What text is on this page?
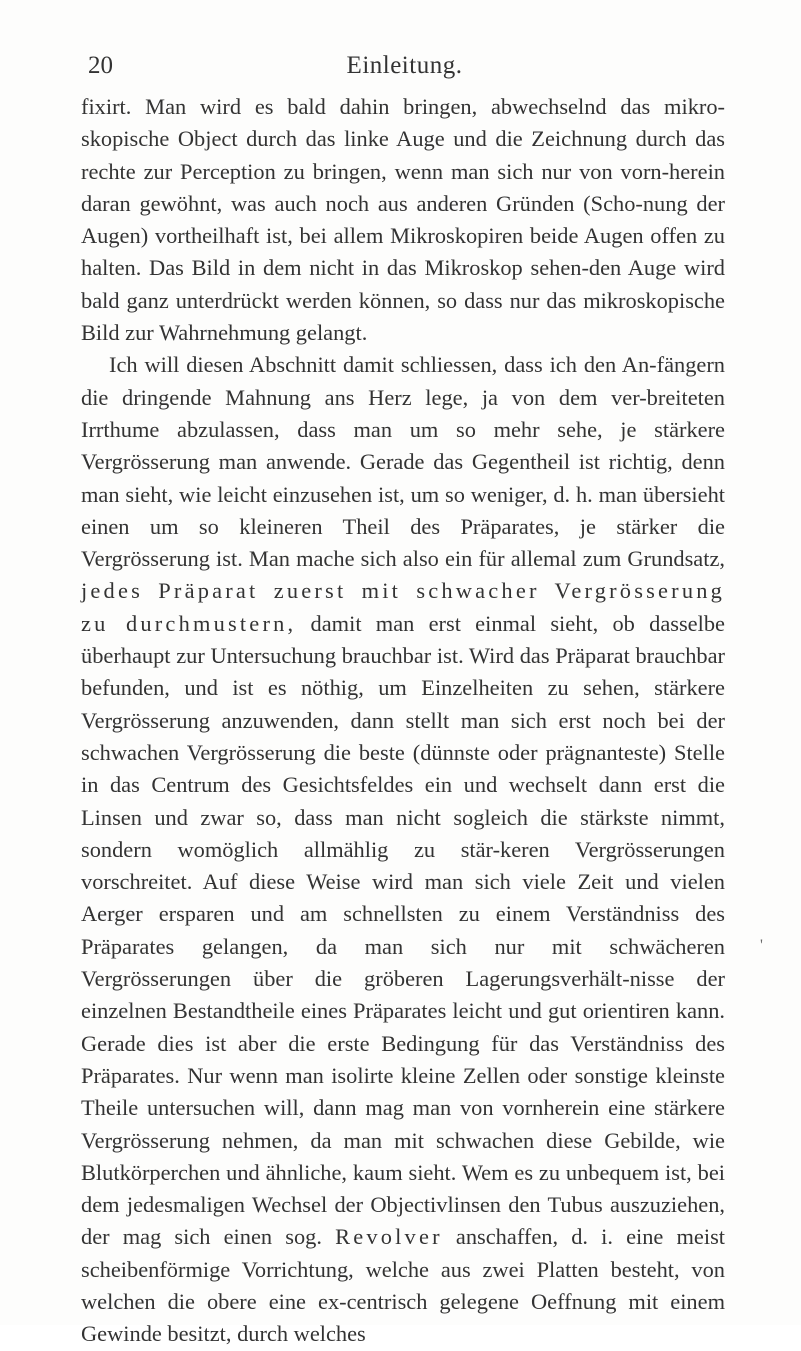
20	Einleitung.

fixirt. Man wird es bald dahin bringen, abwechselnd das mikro-skopische Object durch das linke Auge und die Zeichnung durch das rechte zur Perception zu bringen, wenn man sich nur von vorn-herein daran gewöhnt, was auch noch aus anderen Gründen (Scho-nung der Augen) vortheilhaft ist, bei allem Mikroskopiren beide Augen offen zu halten. Das Bild in dem nicht in das Mikroskop sehen-den Auge wird bald ganz unterdrückt werden können, so dass nur das mikroskopische Bild zur Wahrnehmung gelangt.

Ich will diesen Abschnitt damit schliessen, dass ich den An-fängern die dringende Mahnung ans Herz lege, ja von dem ver-breiteten Irrthume abzulassen, dass man um so mehr sehe, je stärkere Vergrösserung man anwende. Gerade das Gegentheil ist richtig, denn man sieht, wie leicht einzusehen ist, um so weniger, d. h. man übersieht einen um so kleineren Theil des Präparates, je stärker die Vergrösserung ist. Man mache sich also ein für allemal zum Grundsatz, jedes Präparat zuerst mit schwacher Vergrösserung zu durchmustern, damit man erst einmal sieht, ob dasselbe überhaupt zur Untersuchung brauchbar ist. Wird das Präparat brauchbar befunden, und ist es nöthig, um Einzelheiten zu sehen, stärkere Vergrösserung anzuwenden, dann stellt man sich erst noch bei der schwachen Vergrösserung die beste (dünnste oder prägnanteste) Stelle in das Centrum des Gesichtsfeldes ein und wechselt dann erst die Linsen und zwar so, dass man nicht sogleich die stärkste nimmt, sondern womöglich allmählig zu stär-keren Vergrösserungen vorschreitet. Auf diese Weise wird man sich viele Zeit und vielen Aerger ersparen und am schnellsten zu einem Verständniss des Präparates gelangen, da man sich nur mit schwächeren Vergrösserungen über die gröberen Lagerungsverhält-nisse der einzelnen Bestandtheile eines Präparates leicht und gut orientiren kann. Gerade dies ist aber die erste Bedingung für das Verständniss des Präparates. Nur wenn man isolirte kleine Zellen oder sonstige kleinste Theile untersuchen will, dann mag man von vornherein eine stärkere Vergrösserung nehmen, da man mit schwachen diese Gebilde, wie Blutkörperchen und ähnliche, kaum sieht. Wem es zu unbequem ist, bei dem jedesmaligen Wechsel der Objectivlinsen den Tubus auszuziehen, der mag sich einen sog. Revolver anschaffen, d. i. eine meist scheibenförmige Vorrichtung, welche aus zwei Platten besteht, von welchen die obere eine ex-centrisch gelegene Oeffnung mit einem Gewinde besitzt, durch welches

'
